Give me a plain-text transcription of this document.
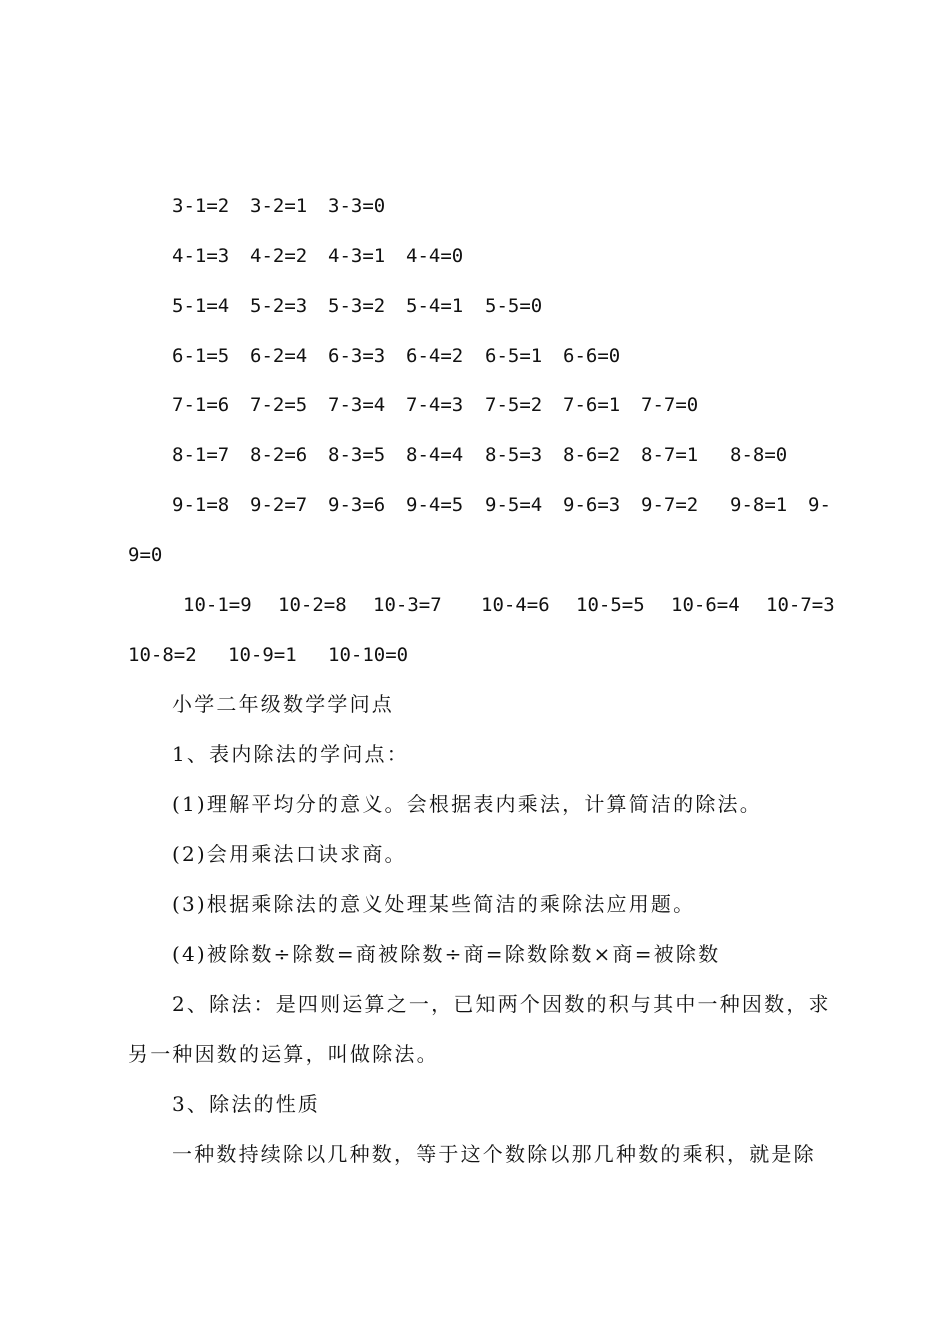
3-1=2 3-2=1 3-3=0
4-1=3 4-2=2 4-3=1 4-4=0
5-1=4 5-2=3 5-3=2 5-4=1 5-5=0
6-1=5 6-2=4 6-3=3 6-4=2 6-5=1 6-6=0
7-1=6 7-2=5 7-3=4 7-4=3 7-5=2 7-6=1 7-7=0
8-1=7 8-2=6 8-3=5 8-4=4 8-5=3 8-6=2 8-7=1 8-8=0
9-1=8 9-2=7 9-3=6 9-4=5 9-5=4 9-6=3 9-7=2 9-8=1 9-
9=0
10-1=9 10-2=8 10-3=7 10-4=6 10-5=5 10-6=4 10-7=3
10-8=2 10-9=1 10-10=0
小学二年级数学学问点
1、表内除法的学问点：
(1)理解平均分的意义。会根据表内乘法，计算简洁的除法。
(2)会用乘法口诀求商。
(3)根据乘除法的意义处理某些简洁的乘除法应用题。
(4)被除数÷除数=商被除数÷商=除数除数×商=被除数
2、除法：是四则运算之一，已知两个因数的积与其中一种因数，求
另一种因数的运算，叫做除法。
3、除法的性质
一种数持续除以几种数，等于这个数除以那几种数的乘积，就是除
